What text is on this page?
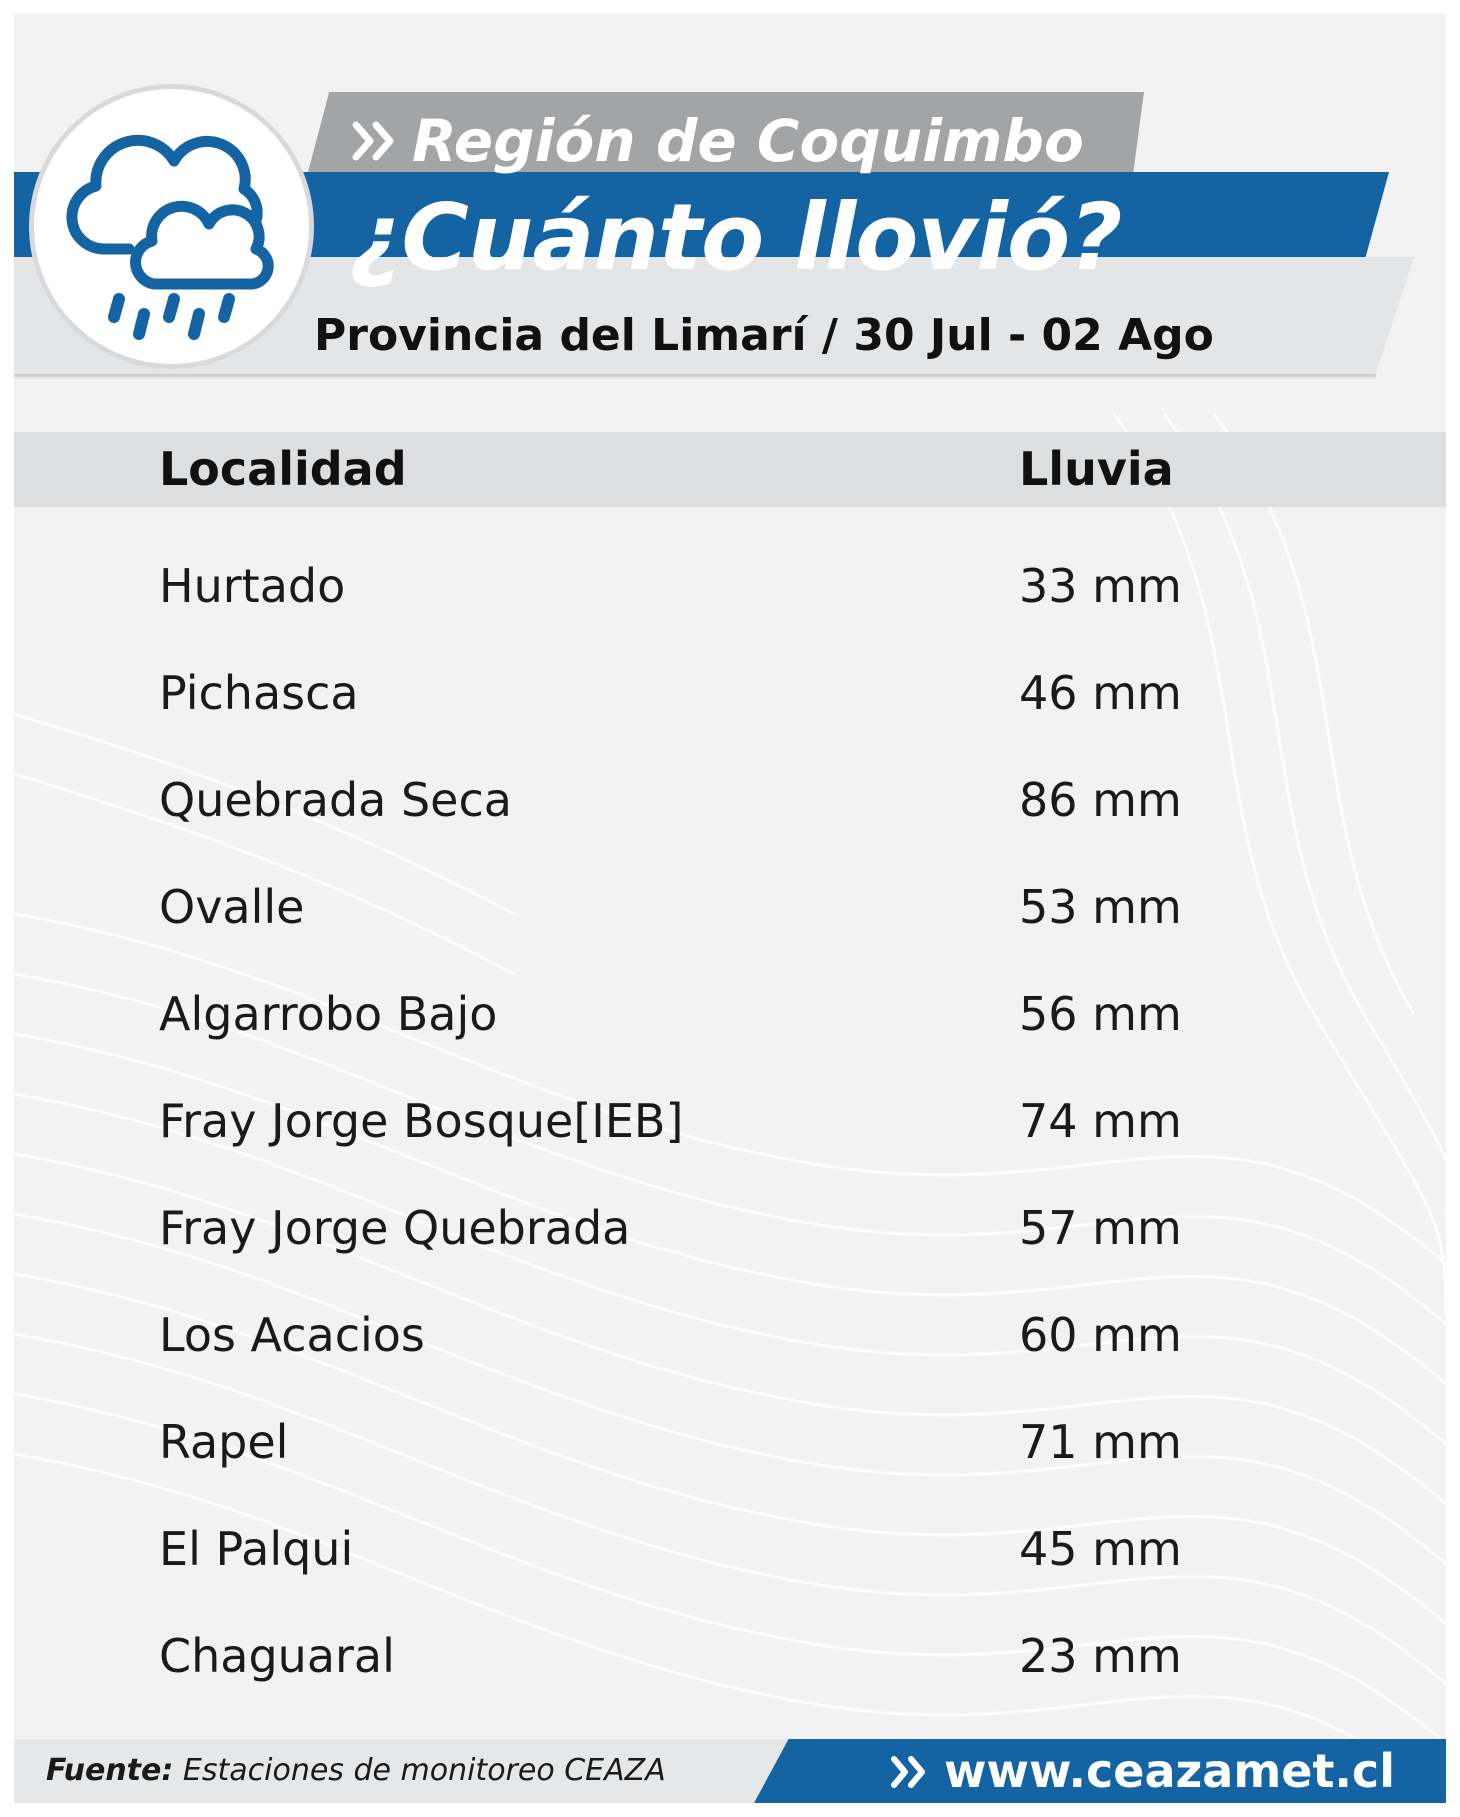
Región de Coquimbo
¿Cuánto llovió?
Provincia del Limarí / 30 Jul - 02 Ago
Localidad	Lluvia
Hurtado	33 mm
Pichasca	46 mm
Quebrada Seca	86 mm
Ovalle	53 mm
Algarrobo Bajo	56 mm
Fray Jorge Bosque[IEB]	74 mm
Fray Jorge Quebrada	57 mm
Los Acacios	60 mm
Rapel	71 mm
El Palqui	45 mm
Chaguaral	23 mm
Fuente: Estaciones de monitoreo CEAZA	www.ceazamet.cl
